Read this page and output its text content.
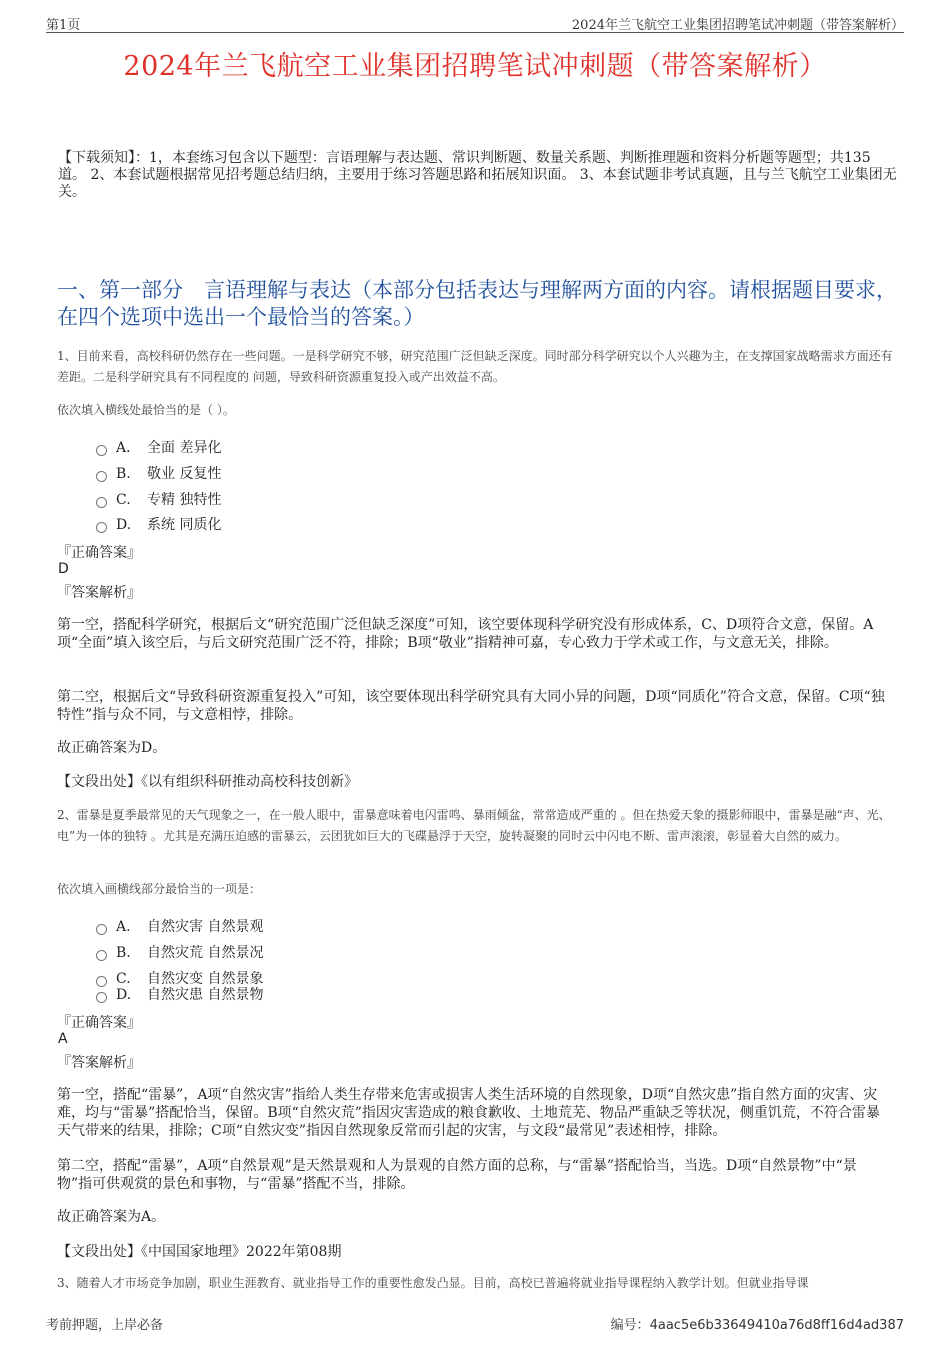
第1页	2024年兰飞航空工业集团招聘笔试冲刺题（带答案解析）
2024年兰飞航空工业集团招聘笔试冲刺题（带答案解析）
【下载须知】：1，本套练习包含以下题型：言语理解与表达题、常识判断题、数量关系题、判断推理题和资料分析题等题型；共135道。 2、本套试题根据常见招考题总结归纳，主要用于练习答题思路和拓展知识面。 3、本套试题非考试真题，且与兰飞航空工业集团无关。
一、第一部分　言语理解与表达（本部分包括表达与理解两方面的内容。请根据题目要求，在四个选项中选出一个最恰当的答案。）
1、目前来看，高校科研仍然存在一些问题。一是科学研究不够，研究范围广泛但缺乏深度。同时部分科学研究以个人兴趣为主，在支撑国家战略需求方面还有差距。二是科学研究具有不同程度的 问题，导致科研资源重复投入或产出效益不高。
依次填入横线处最恰当的是（ ）。
A. 全面 差异化
B. 敬业 反复性
C. 专精 独特性
D. 系统 同质化
『正确答案』
D
『答案解析』
第一空，搭配科学研究，根据后文“研究范围广泛但缺乏深度”可知，该空要体现科学研究没有形成体系，C、D项符合文意，保留。A项“全面”填入该空后，与后文研究范围广泛不符，排除；B项“敬业”指精神可嘉，专心致力于学术或工作，与文意无关，排除。
第二空，根据后文“导致科研资源重复投入”可知，该空要体现出科学研究具有大同小异的问题，D项“同质化”符合文意，保留。C项“独特性”指与众不同，与文意相悖，排除。
故正确答案为D。
【文段出处】《以有组织科研推动高校科技创新》
2、雷暴是夏季最常见的天气现象之一，在一般人眼中，雷暴意味着电闪雷鸣、暴雨倾盆，常常造成严重的 。但在热爱天象的摄影师眼中，雷暴是融“声、光、电”为一体的独特 。尤其是充满压迫感的雷暴云，云团犹如巨大的飞碟悬浮于天空，旋转凝聚的同时云中闪电不断、雷声滚滚，彰显着大自然的威力。
依次填入画横线部分最恰当的一项是：
A. 自然灾害 自然景观
B. 自然灾荒 自然景况
C. 自然灾变 自然景象
D. 自然灾患 自然景物
『正确答案』
A
『答案解析』
第一空，搭配“雷暴”，A项“自然灾害”指给人类生存带来危害或损害人类生活环境的自然现象，D项“自然灾患”指自然方面的灾害、灾难，均与“雷暴”搭配恰当，保留。B项“自然灾荒”指因灾害造成的粮食歉收、土地荒芜、物品严重缺乏等状况，侧重饥荒，不符合雷暴天气带来的结果，排除；C项“自然灾变”指因自然现象反常而引起的灾害，与文段“最常见”表述相悖，排除。
第二空，搭配“雷暴”，A项“自然景观”是天然景观和人为景观的自然方面的总称，与“雷暴”搭配恰当，当选。D项“自然景物”中“景物”指可供观赏的景色和事物，与“雷暴”搭配不当，排除。
故正确答案为A。
【文段出处】《中国国家地理》2022年第08期
3、随着人才市场竞争加剧，职业生涯教育、就业指导工作的重要性愈发凸显。目前，高校已普遍将就业指导课程纳入教学计划。但就业指导课
考前押题，上岸必备	编号：4aac5e6b33649410a76d8ff16d4ad387
